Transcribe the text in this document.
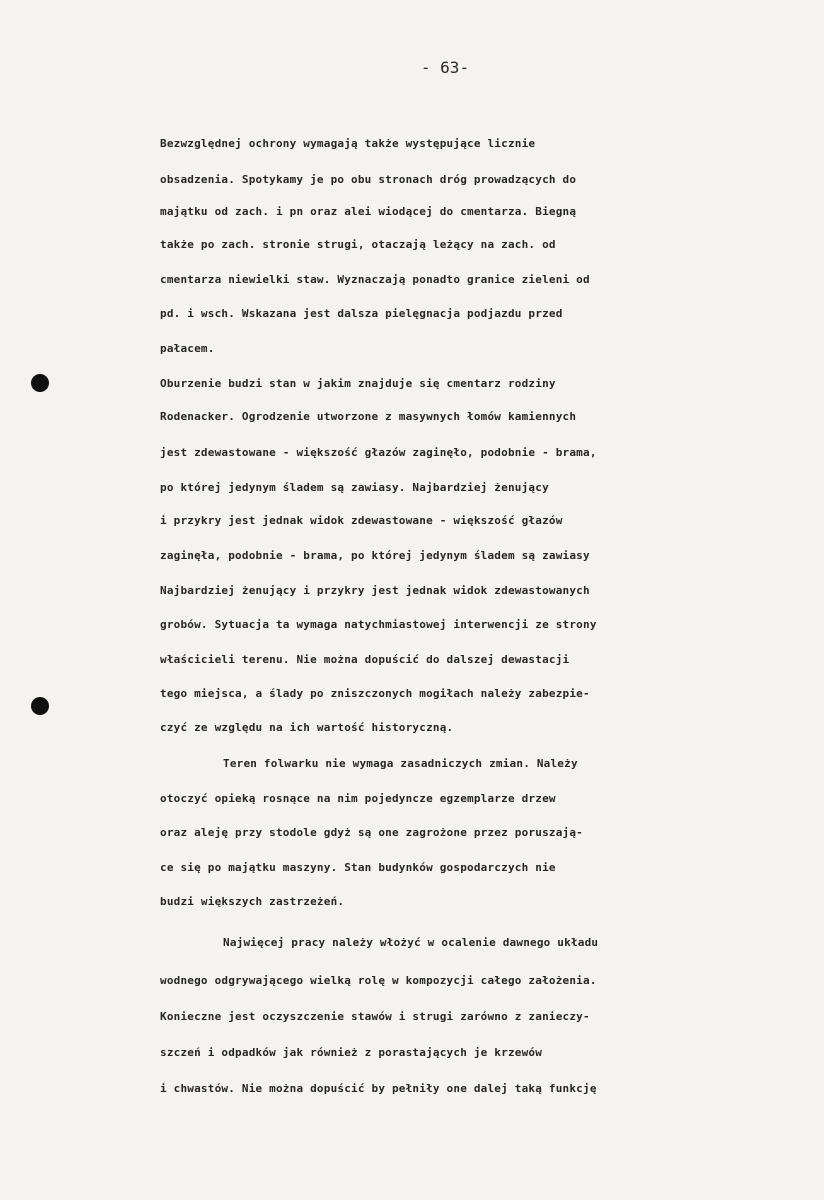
- 63-
Bezwzględnej ochrony wymagają także występujące licznie
obsadzenia. Spotykamy je po obu stronach dróg prowadzących do
majątku od zach. i pn oraz alei wiodącej do cmentarza. Biegną
także po zach. stronie strugi, otaczają leżący na zach. od
cmentarza niewielki staw. Wyznaczają ponadto granice zieleni od
pd. i wsch. Wskazana jest dalsza pielęgnacja podjazdu przed
pałacem.
Oburzenie budzi stan w jakim znajduje się cmentarz rodziny
Rodenacker. Ogrodzenie utworzone z masywnych łomów kamiennych
jest zdewastowane - większość głazów zaginęło, podobnie - brama,
po której jedynym śladem są zawiasy. Najbardziej żenujący
i przykry jest jednak widok zdewastowane - większość głazów
zaginęła, podobnie - brama, po której jedynym śladem są zawiasy
Najbardziej żenujący i przykry jest jednak widok zdewastowanych
grobów. Sytuacja ta wymaga natychmiastowej interwencji ze strony
właścicieli terenu. Nie można dopuścić do dalszej dewastacji
tego miejsca, a ślady po zniszczonych mogiłach należy zabezpie-
czyć ze względu na ich wartość historyczną.
Teren folwarku nie wymaga zasadniczych zmian. Należy
otoczyć opieką rosnące na nim pojedyncze egzemplarze drzew
oraz aleję przy stodole gdyż są one zagrożone przez poruszają-
ce się po majątku maszyny. Stan budynków gospodarczych nie
budzi większych zastrzeżeń.
Najwięcej pracy należy włożyć w ocalenie dawnego układu
wodnego odgrywającego wielką rolę w kompozycji całego założenia.
Konieczne jest oczyszczenie stawów i strugi zarówno z zanieczy-
szczeń i odpadków jak również z porastających je krzewów
i chwastów. Nie można dopuścić by pełniły one dalej taką funkcję
